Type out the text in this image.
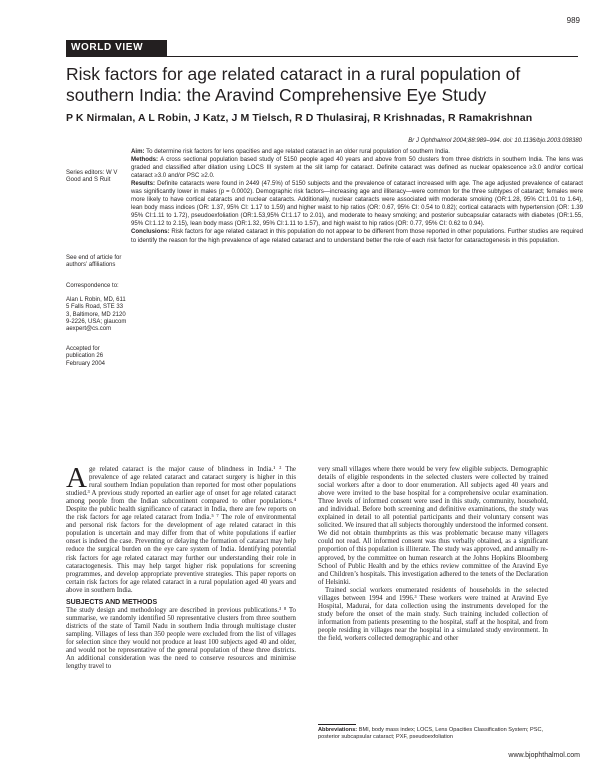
989
WORLD VIEW
Risk factors for age related cataract in a rural population of southern India: the Aravind Comprehensive Eye Study
P K Nirmalan, A L Robin, J Katz, J M Tielsch, R D Thulasiraj, R Krishnadas, R Ramakrishnan
Br J Ophthalmol 2004;88:989–994. doi: 10.1136/bjo.2003.038380
Series editors: W V Good and S Ruit
See end of article for authors’ affiliations
Correspondence to:
Alan L Robin, MD, 6115 Falls Road, STE 333, Baltimore, MD 21209-2226, USA; glaucomaexpert@cs.com
Accepted for publication 26 February 2004

Aim: To determine risk factors for lens opacities and age related cataract in an older rural population of southern India.

Methods: A cross sectional population based study of 5150 people aged 40 years and above from 50 clusters from three districts in southern India. The lens was graded and classified after dilation using LOCS III system at the slit lamp for cataract. Definite cataract was defined as nuclear opalescence ≥3.0 and/or cortical cataract ≥3.0 and/or PSC ≥2.0.

Results: Definite cataracts were found in 2449 (47.5%) of 5150 subjects and the prevalence of cataract increased with age. The age adjusted prevalence of cataract was significantly lower in males (p = 0.0002). Demographic risk factors—increasing age and illiteracy—were common for the three subtypes of cataract; females were more likely to have cortical cataracts and nuclear cataracts. Additionally, nuclear cataracts were associated with moderate smoking (OR:1.28, 95% CI:1.01 to 1.64), lean body mass indices (OR: 1.37, 95% CI: 1.17 to 1.59) and higher waist to hip ratios (OR: 0.67, 95% CI: 0.54 to 0.82); cortical cataracts with hypertension (OR: 1.39 95% CI:1.11 to 1.72), pseudoexfoliation (OR:1.53,95% CI:1.17 to 2.01), and moderate to heavy smoking; and posterior subcapsular cataracts with diabetes (OR:1.55, 95% CI:1.12 to 2.15), lean body mass (OR:1.32, 95% CI:1.11 to 1.57), and high waist to hip ratios (OR: 0.77, 95% CI: 0.62 to 0.94).

Conclusions: Risk factors for age related cataract in this population do not appear to be different from those reported in other populations. Further studies are required to identify the reason for the high prevalence of age related cataract and to understand better the role of each risk factor for cataractogenesis in this population.

Age related cataract is the major cause of blindness in India.¹ ² The prevalence of age related cataract and cataract surgery is higher in this rural southern Indian population than reported for most other populations studied.³ A previous study reported an earlier age of onset for age related cataract among people from the Indian subcontinent compared to other populations.⁴ Despite the public health significance of cataract in India, there are few reports on the risk factors for age related cataract from India.⁵ ⁷ The role of environmental and personal risk factors for the development of age related cataract in this population is uncertain and may differ from that of white populations if earlier onset is indeed the case. Preventing or delaying the formation of cataract may help reduce the surgical burden on the eye care system of India. Identifying potential risk factors for age related cataract may further our understanding their role in cataractogenesis. This may help target higher risk populations for screening programmes, and develop appropriate preventive strategies. This paper reports on certain risk factors for age related cataract in a rural population aged 40 years and above in southern India.

SUBJECTS AND METHODS

The study design and methodology are described in previous publications.³ ⁸ To summarise, we randomly identified 50 representative clusters from three southern districts of the state of Tamil Nadu in southern India through multistage cluster sampling. Villages of less than 350 people were excluded from the list of villages for selection since they would not produce at least 100 subjects aged 40 and older, and would not be representative of the general population of these three districts. An additional consideration was the need to conserve resources and minimise lengthy travel to

very small villages where there would be very few eligible subjects. Demographic details of eligible respondents in the selected clusters were collected by trained social workers after a door to door enumeration. All subjects aged 40 years and above were invited to the base hospital for a comprehensive ocular examination. Three levels of informed consent were used in this study, community, household, and individual. Before both screening and definitive examinations, the study was explained in detail to all potential participants and their voluntary consent was solicited. We insured that all subjects thoroughly understood the informed consent. We did not obtain thumbprints as this was problematic because many villagers could not read. All informed consent was thus verbally obtained, as a significant proportion of this population is illiterate. The study was approved, and annually re-approved, by the committee on human research at the Johns Hopkins Bloomberg School of Public Health and by the ethics review committee of the Aravind Eye and Children’s hospitals. This investigation adhered to the tenets of the Declaration of Helsinki.

Trained social workers enumerated residents of households in the selected villages between 1994 and 1996.³ These workers were trained at Aravind Eye Hospital, Madurai, for data collection using the instruments developed for the study before the onset of the main study. Such training included collection of information from patients presenting to the hospital, staff at the hospital, and from people residing in villages near the hospital in a simulated study environment. In the field, workers collected demographic and other

Abbreviations: BMI, body mass index; LOCS, Lens Opacities Classification System; PSC, posterior subcapsular cataract; PXF, pseudoexfoliation
www.bjophthalmol.com
